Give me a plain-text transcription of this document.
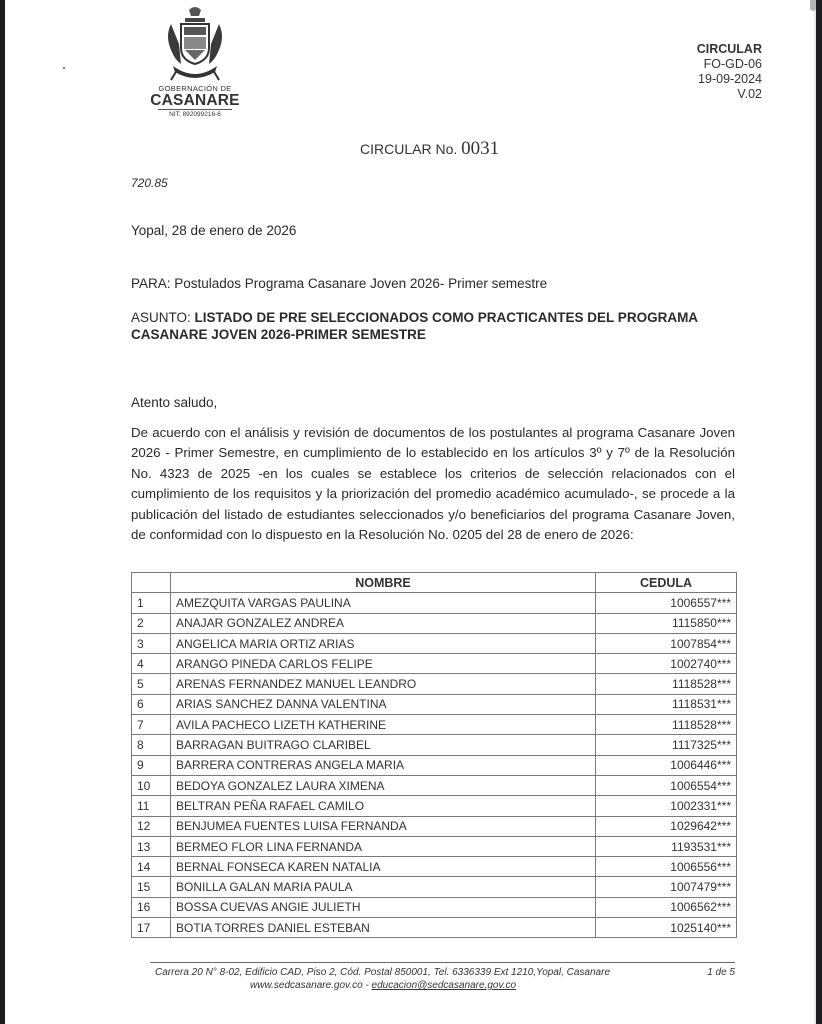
GOBERNACIÓN DE
CASANARE
NIT: 892099216-6
CIRCULAR
FO-GD-06
19-09-2024
V.02
CIRCULAR No. 0031
720.85
Yopal, 28 de enero de 2026
PARA: Postulados Programa Casanare Joven 2026- Primer semestre
ASUNTO: LISTADO DE PRE SELECCIONADOS COMO PRACTICANTES DEL PROGRAMA CASANARE JOVEN 2026-PRIMER SEMESTRE
Atento saludo,
De acuerdo con el análisis y revisión de documentos de los postulantes al programa Casanare Joven 2026 - Primer Semestre, en cumplimiento de lo establecido en los artículos 3º y 7º de la Resolución No. 4323 de 2025 -en los cuales se establece los criterios de selección relacionados con el cumplimiento de los requisitos y la priorización del promedio académico acumulado-, se procede a la publicación del listado de estudiantes seleccionados y/o beneficiarios del programa Casanare Joven, de conformidad con lo dispuesto en la Resolución No. 0205 del 28 de enero de 2026:
	NOMBRE	CEDULA
1	AMEZQUITA VARGAS PAULINA	1006557***
2	ANAJAR GONZALEZ ANDREA	1115850***
3	ANGELICA MARIA ORTIZ ARIAS	1007854***
4	ARANGO PINEDA CARLOS FELIPE	1002740***
5	ARENAS FERNANDEZ MANUEL LEANDRO	1118528***
6	ARIAS SANCHEZ DANNA VALENTINA	1118531***
7	AVILA PACHECO LIZETH KATHERINE	1118528***
8	BARRAGAN BUITRAGO CLARIBEL	1117325***
9	BARRERA CONTRERAS ANGELA MARIA	1006446***
10	BEDOYA GONZALEZ LAURA XIMENA	1006554***
11	BELTRAN PEÑA RAFAEL CAMILO	1002331***
12	BENJUMEA FUENTES LUISA FERNANDA	1029642***
13	BERMEO FLOR LINA FERNANDA	1193531***
14	BERNAL FONSECA KAREN NATALIA	1006556***
15	BONILLA GALAN MARIA PAULA	1007479***
16	BOSSA CUEVAS ANGIE JULIETH	1006562***
17	BOTIA TORRES DANIEL ESTEBAN	1025140***
Carrera 20 N° 8-02, Edificio CAD, Piso 2, Cód. Postal 850001, Tel. 6336339 Ext 1210,Yopal, Casanare	1 de 5
www.sedcasanare.gov.co - educacion@sedcasanare.gov.co
